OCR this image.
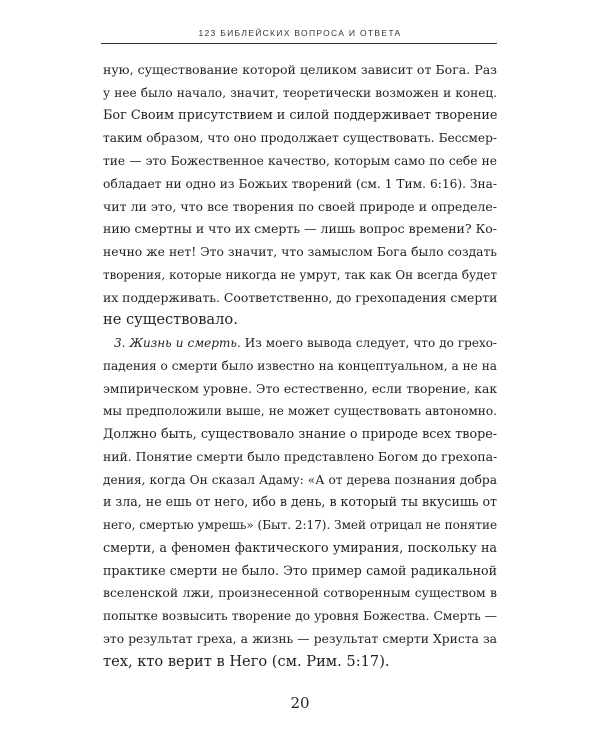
123 БИБЛЕЙСКИХ ВОПРОСА И ОТВЕТА

ную, существование которой целиком зависит от Бога. Раз
у нее было начало, значит, теоретически возможен и конец.
Бог Своим присутствием и силой поддерживает творение
таким образом, что оно продолжает существовать. Бессмер-
тие — это Божественное качество, которым само по себе не
обладает ни одно из Божьих творений (см. 1 Тим. 6:16). Зна-
чит ли это, что все творения по своей природе и определе-
нию смертны и что их смерть — лишь вопрос времени? Ко-
нечно же нет! Это значит, что замыслом Бога было создать
творения, которые никогда не умрут, так как Он всегда будет
их поддерживать. Соответственно, до грехопадения смерти
не существовало.

3. Жизнь и смерть. Из моего вывода следует, что до грехо-
падения о смерти было известно на концептуальном, а не на
эмпирическом уровне. Это естественно, если творение, как
мы предположили выше, не может существовать автономно.
Должно быть, существовало знание о природе всех творе-
ний. Понятие смерти было представлено Богом до грехопа-
дения, когда Он сказал Адаму: «А от дерева познания добра
и зла, не ешь от него, ибо в день, в который ты вкусишь от
него, смертью умрешь» (Быт. 2:17). Змей отрицал не понятие
смерти, а феномен фактического умирания, поскольку на
практике смерти не было. Это пример самой радикальной
вселенской лжи, произнесенной сотворенным существом в
попытке возвысить творение до уровня Божества. Смерть —
это результат греха, а жизнь — результат смерти Христа за
тех, кто верит в Него (см. Рим. 5:17).

20
